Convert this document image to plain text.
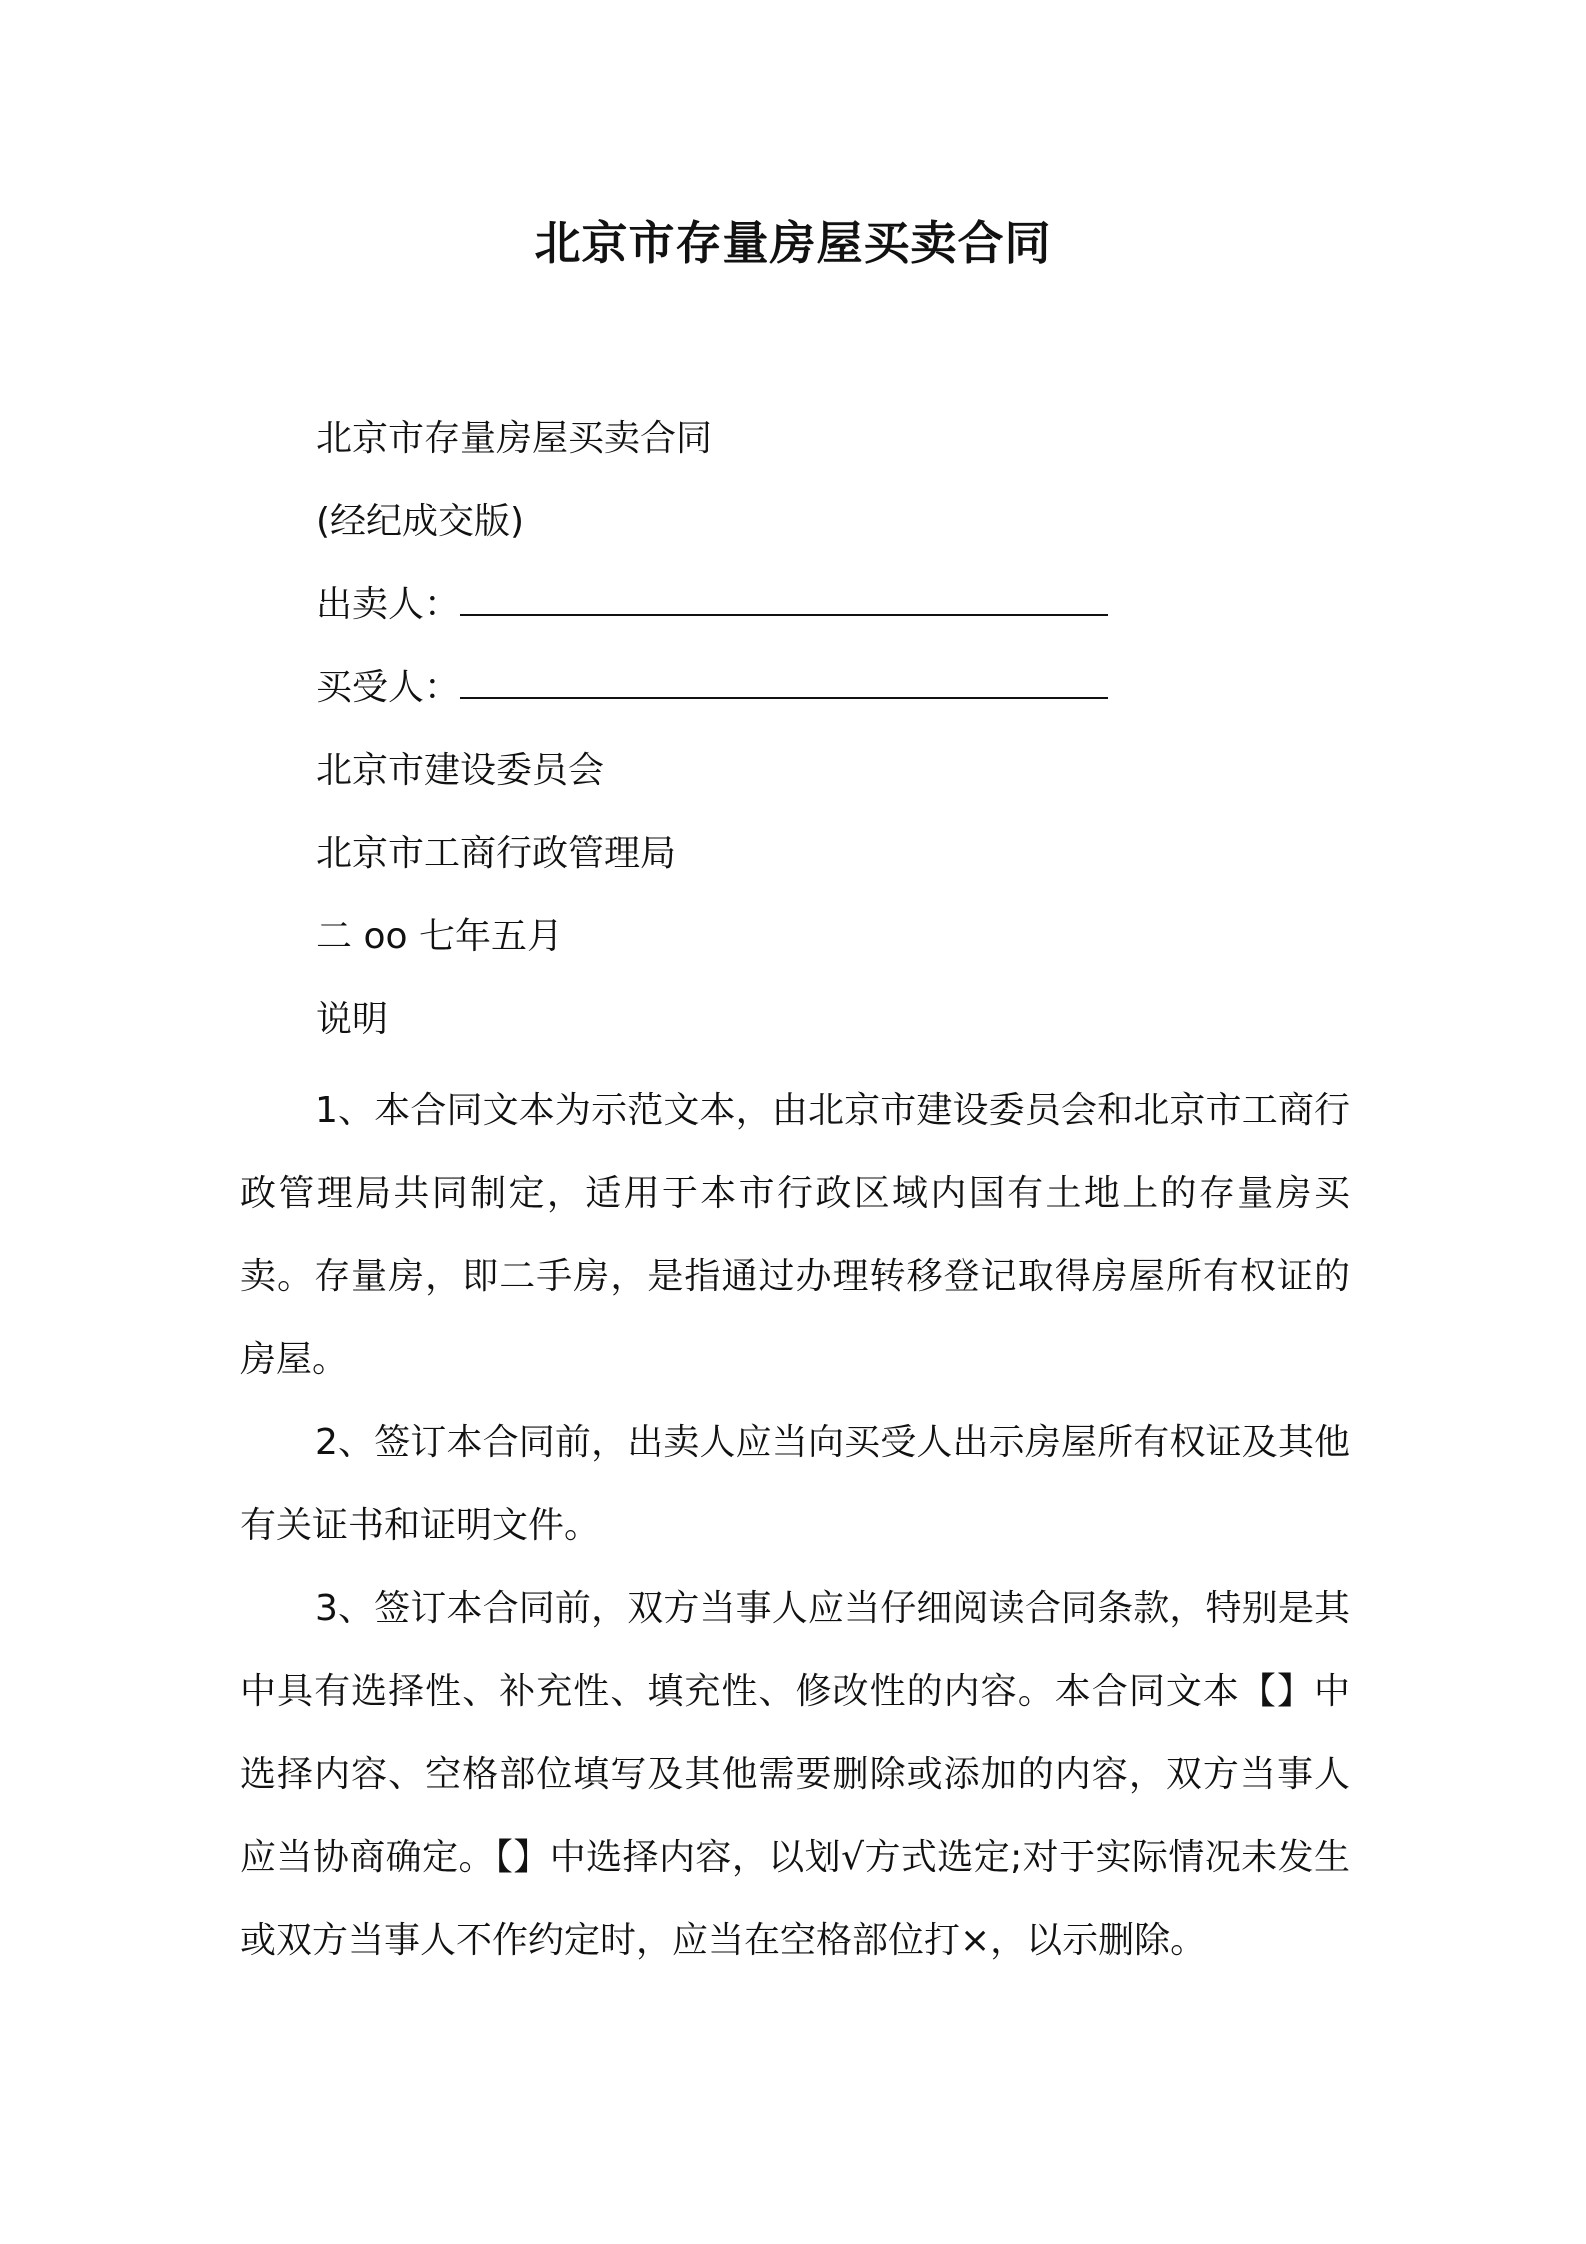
北京市存量房屋买卖合同
北京市存量房屋买卖合同
(经纪成交版)
出卖人：
买受人：
北京市建设委员会
北京市工商行政管理局
二 oo 七年五月
说明
1、本合同文本为示范文本，由北京市建设委员会和北京市工商行政管理局共同制定，适用于本市行政区域内国有土地上的存量房买卖。存量房，即二手房，是指通过办理转移登记取得房屋所有权证的房屋。
2、签订本合同前，出卖人应当向买受人出示房屋所有权证及其他有关证书和证明文件。
3、签订本合同前，双方当事人应当仔细阅读合同条款，特别是其中具有选择性、补充性、填充性、修改性的内容。本合同文本【】中选择内容、空格部位填写及其他需要删除或添加的内容，双方当事人应当协商确定。【】中选择内容，以划√方式选定;对于实际情况未发生或双方当事人不作约定时，应当在空格部位打×，以示删除。
